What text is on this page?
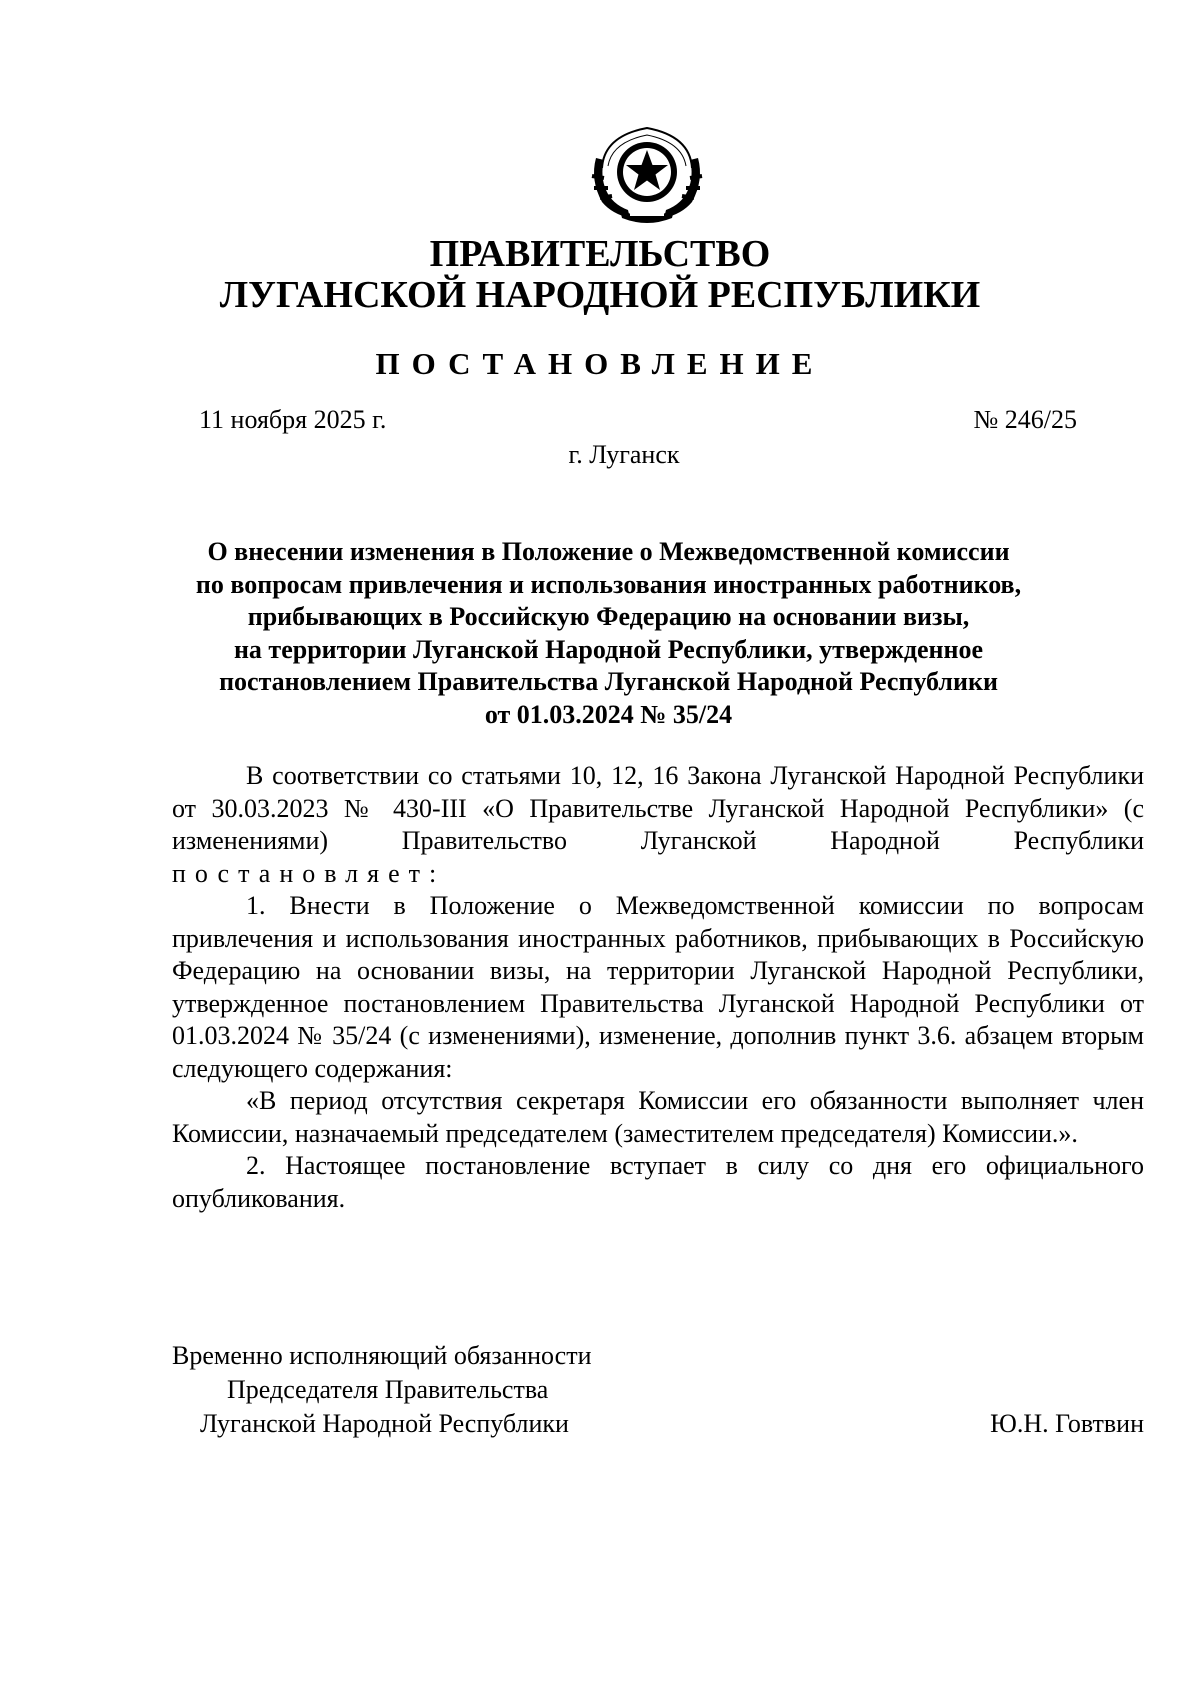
ПРАВИТЕЛЬСТВО
ЛУГАНСКОЙ НАРОДНОЙ РЕСПУБЛИКИ
ПОСТАНОВЛЕНИЕ
11 ноября 2025 г.	№ 246/25
г. Луганск
О внесении изменения в Положение о Межведомственной комиссии
по вопросам привлечения и использования иностранных работников,
прибывающих в Российскую Федерацию на основании визы,
на территории Луганской Народной Республики, утвержденное
постановлением Правительства Луганской Народной Республики
от 01.03.2024 № 35/24

В соответствии со статьями 10, 12, 16 Закона Луганской Народной Республики от 30.03.2023 № 430-III «О Правительстве Луганской Народной Республики» (с изменениями) Правительство Луганской Народной Республики постановляет:

1. Внести в Положение о Межведомственной комиссии по вопросам привлечения и использования иностранных работников, прибывающих в Российскую Федерацию на основании визы, на территории Луганской Народной Республики, утвержденное постановлением Правительства Луганской Народной Республики от 01.03.2024 № 35/24 (с изменениями), изменение, дополнив пункт 3.6. абзацем вторым следующего содержания:

«В период отсутствия секретаря Комиссии его обязанности выполняет член Комиссии, назначаемый председателем (заместителем председателя) Комиссии.».

2. Настоящее постановление вступает в силу со дня его официального опубликования.

Временно исполняющий обязанности
Председателя Правительства
Луганской Народной Республики	Ю.Н. Говтвин
